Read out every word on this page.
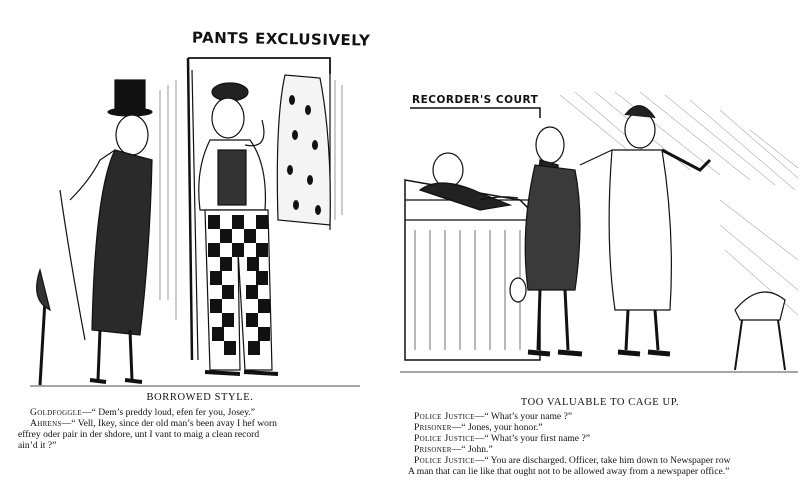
PANTS EXCLUSIVELY
BORROWED STYLE.
Goldfoggle—“ Dem’s preddy loud, efen fer you, Josey.”
Ahrens—“ Vell, Ikey, since der old man’s been avay I hef worn
effrey oder pair in der shdore, unt I vant to maig a clean record
ain’d it ?”
RECORDER'S COURT
TOO VALUABLE TO CAGE UP.
Police Justice—“ What’s your name ?”
Prisoner—“ Jones, your honor.”
Police Justice—“ What’s your first name ?”
Prisoner—“ John.”
Police Justice—“ You are discharged. Officer, take him down to Newspaper row
A man that can lie like that ought not to be allowed away from a newspaper office.”
